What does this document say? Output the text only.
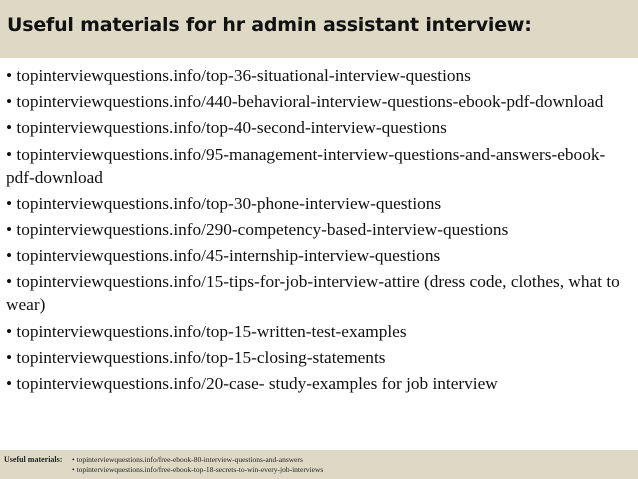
Useful materials for hr admin assistant interview:
• topinterviewquestions.info/top-36-situational-interview-questions
• topinterviewquestions.info/440-behavioral-interview-questions-ebook-pdf-download
• topinterviewquestions.info/top-40-second-interview-questions
• topinterviewquestions.info/95-management-interview-questions-and-answers-ebook-pdf-download
• topinterviewquestions.info/top-30-phone-interview-questions
• topinterviewquestions.info/290-competency-based-interview-questions
• topinterviewquestions.info/45-internship-interview-questions
• topinterviewquestions.info/15-tips-for-job-interview-attire (dress code, clothes, what to wear)
• topinterviewquestions.info/top-15-written-test-examples
• topinterviewquestions.info/top-15-closing-statements
• topinterviewquestions.info/20-case- study-examples for job interview
Useful materials: • topinterviewquestions.info/free-ebook-80-interview-questions-and-answers
• topinterviewquestions.info/free-ebook-top-18-secrets-to-win-every-job-interviews
